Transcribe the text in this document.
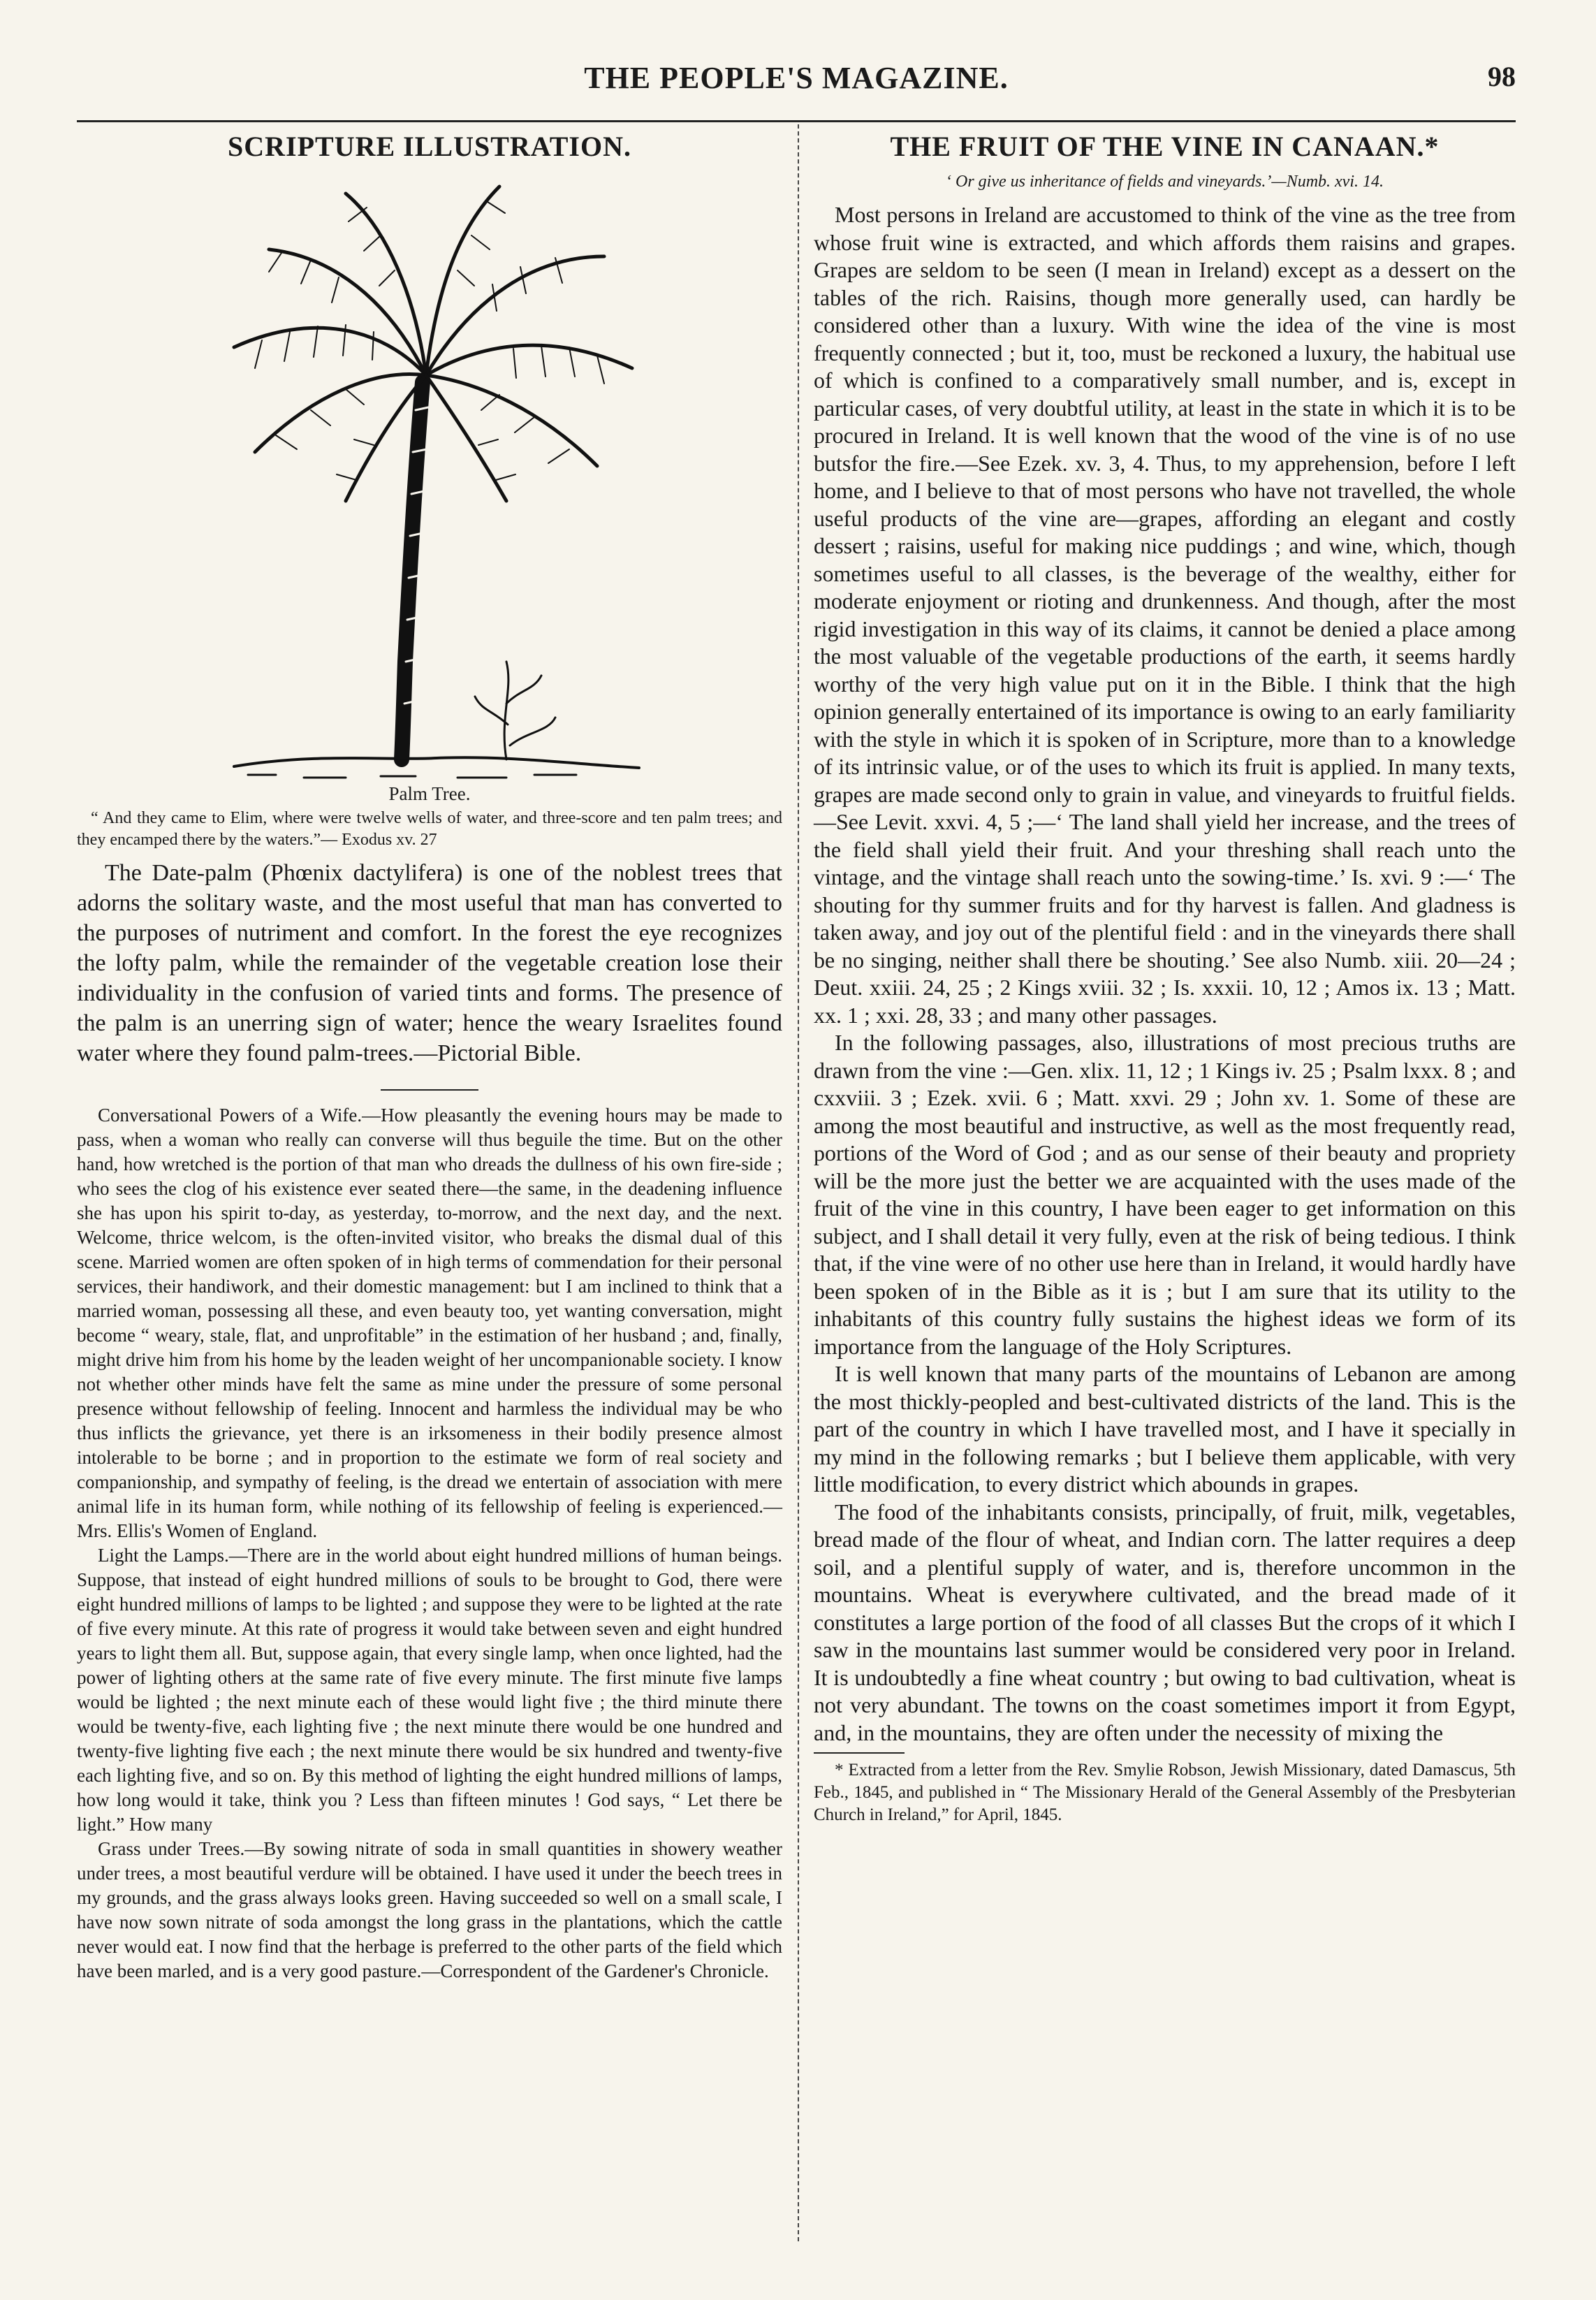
THE PEOPLE'S MAGAZINE.	98
SCRIPTURE ILLUSTRATION.
Palm Tree.

“ And they came to Elim, where were twelve wells of water, and three-score and ten palm trees; and they encamped there by the waters.”— Exodus xv. 27

The Date-palm (Phœnix dactylifera) is one of the noblest trees that adorns the solitary waste, and the most useful that man has converted to the purposes of nutriment and comfort. In the forest the eye recognizes the lofty palm, while the remainder of the vegetable creation lose their individuality in the confusion of varied tints and forms. The presence of the palm is an unerring sign of water; hence the weary Israelites found water where they found palm-trees.—Pictorial Bible.

Conversational Powers of a Wife.—How pleasantly the evening hours may be made to pass, when a woman who really can converse will thus beguile the time. But on the other hand, how wretched is the portion of that man who dreads the dullness of his own fire-side ; who sees the clog of his existence ever seated there—the same, in the deadening influence she has upon his spirit to-day, as yesterday, to-morrow, and the next day, and the next. Welcome, thrice welcom, is the often-invited visitor, who breaks the dismal dual of this scene. Married women are often spoken of in high terms of commendation for their personal services, their handiwork, and their domestic management: but I am inclined to think that a married woman, possessing all these, and even beauty too, yet wanting conversation, might become “ weary, stale, flat, and unprofitable” in the estimation of her husband ; and, finally, might drive him from his home by the leaden weight of her uncompanionable society. I know not whether other minds have felt the same as mine under the pressure of some personal presence without fellowship of feeling. Innocent and harmless the individual may be who thus inflicts the grievance, yet there is an irksomeness in their bodily presence almost intolerable to be borne ; and in proportion to the estimate we form of real society and companionship, and sympathy of feeling, is the dread we entertain of association with mere animal life in its human form, while nothing of its fellowship of feeling is experienced.—Mrs. Ellis's Women of England.

Light the Lamps.—There are in the world about eight hundred millions of human beings. Suppose, that instead of eight hundred millions of souls to be brought to God, there were eight hundred millions of lamps to be lighted ; and suppose they were to be lighted at the rate of five every minute. At this rate of progress it would take between seven and eight hundred years to light them all. But, suppose again, that every single lamp, when once lighted, had the power of lighting others at the same rate of five every minute. The first minute five lamps would be lighted ; the next minute each of these would light five ; the third minute there would be twenty-five, each lighting five ; the next minute there would be one hundred and twenty-five lighting five each ; the next minute there would be six hundred and twenty-five each lighting five, and so on. By this method of lighting the eight hundred millions of lamps, how long would it take, think you ? Less than fifteen minutes ! God says, “ Let there be light.” How many

Grass under Trees.—By sowing nitrate of soda in small quantities in showery weather under trees, a most beautiful verdure will be obtained. I have used it under the beech trees in my grounds, and the grass always looks green. Having succeeded so well on a small scale, I have now sown nitrate of soda amongst the long grass in the plantations, which the cattle never would eat. I now find that the herbage is preferred to the other parts of the field which have been marled, and is a very good pasture.—Correspondent of the Gardener's Chronicle.

THE FRUIT OF THE VINE IN CANAAN.*

‘ Or give us inheritance of fields and vineyards.’—Numb. xvi. 14.

Most persons in Ireland are accustomed to think of the vine as the tree from whose fruit wine is extracted, and which affords them raisins and grapes. Grapes are seldom to be seen (I mean in Ireland) except as a dessert on the tables of the rich. Raisins, though more generally used, can hardly be considered other than a luxury. With wine the idea of the vine is most frequently connected ; but it, too, must be reckoned a luxury, the habitual use of which is confined to a comparatively small number, and is, except in particular cases, of very doubtful utility, at least in the state in which it is to be procured in Ireland. It is well known that the wood of the vine is of no use butsfor the fire.—See Ezek. xv. 3, 4. Thus, to my apprehension, before I left home, and I believe to that of most persons who have not travelled, the whole useful products of the vine are—grapes, affording an elegant and costly dessert ; raisins, useful for making nice puddings ; and wine, which, though sometimes useful to all classes, is the beverage of the wealthy, either for moderate enjoyment or rioting and drunkenness. And though, after the most rigid investigation in this way of its claims, it cannot be denied a place among the most valuable of the vegetable productions of the earth, it seems hardly worthy of the very high value put on it in the Bible. I think that the high opinion generally entertained of its importance is owing to an early familiarity with the style in which it is spoken of in Scripture, more than to a knowledge of its intrinsic value, or of the uses to which its fruit is applied. In many texts, grapes are made second only to grain in value, and vineyards to fruitful fields.—See Levit. xxvi. 4, 5 ;—‘ The land shall yield her increase, and the trees of the field shall yield their fruit. And your threshing shall reach unto the vintage, and the vintage shall reach unto the sowing-time.’ Is. xvi. 9 :—‘ The shouting for thy summer fruits and for thy harvest is fallen. And gladness is taken away, and joy out of the plentiful field : and in the vineyards there shall be no singing, neither shall there be shouting.’ See also Numb. xiii. 20—24 ; Deut. xxiii. 24, 25 ; 2 Kings xviii. 32 ; Is. xxxii. 10, 12 ; Amos ix. 13 ; Matt. xx. 1 ; xxi. 28, 33 ; and many other passages.

In the following passages, also, illustrations of most precious truths are drawn from the vine :—Gen. xlix. 11, 12 ; 1 Kings iv. 25 ; Psalm lxxx. 8 ; and cxxviii. 3 ; Ezek. xvii. 6 ; Matt. xxvi. 29 ; John xv. 1. Some of these are among the most beautiful and instructive, as well as the most frequently read, portions of the Word of God ; and as our sense of their beauty and propriety will be the more just the better we are acquainted with the uses made of the fruit of the vine in this country, I have been eager to get information on this subject, and I shall detail it very fully, even at the risk of being tedious. I think that, if the vine were of no other use here than in Ireland, it would hardly have been spoken of in the Bible as it is ; but I am sure that its utility to the inhabitants of this country fully sustains the highest ideas we form of its importance from the language of the Holy Scriptures.

It is well known that many parts of the mountains of Lebanon are among the most thickly-peopled and best-cultivated districts of the land. This is the part of the country in which I have travelled most, and I have it specially in my mind in the following remarks ; but I believe them applicable, with very little modification, to every district which abounds in grapes.

The food of the inhabitants consists, principally, of fruit, milk, vegetables, bread made of the flour of wheat, and Indian corn. The latter requires a deep soil, and a plentiful supply of water, and is, therefore uncommon in the mountains. Wheat is everywhere cultivated, and the bread made of it constitutes a large portion of the food of all classes But the crops of it which I saw in the mountains last summer would be considered very poor in Ireland. It is undoubtedly a fine wheat country ; but owing to bad cultivation, wheat is not very abundant. The towns on the coast sometimes import it from Egypt, and, in the mountains, they are often under the necessity of mixing the

* Extracted from a letter from the Rev. Smylie Robson, Jewish Missionary, dated Damascus, 5th Feb., 1845, and published in “ The Missionary Herald of the General Assembly of the Presbyterian Church in Ireland,” for April, 1845.
